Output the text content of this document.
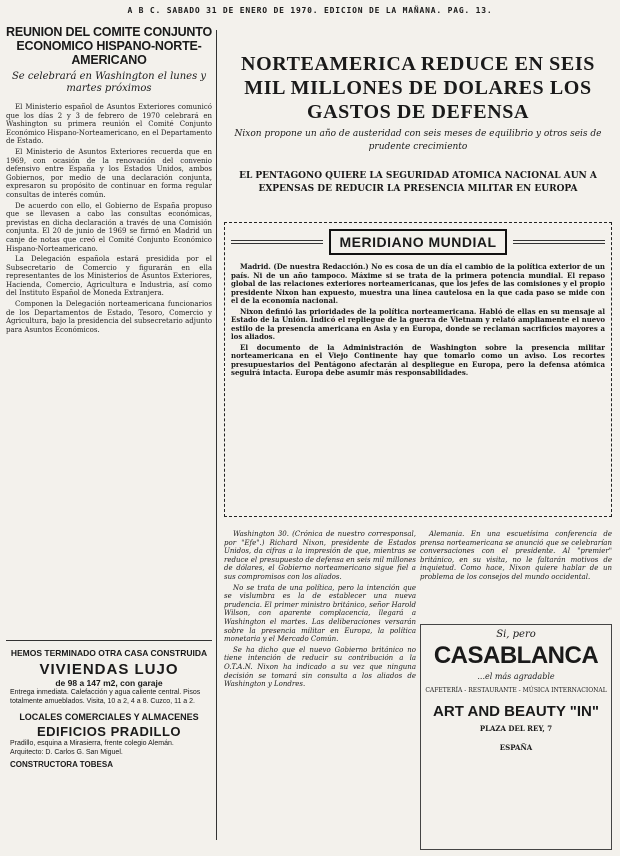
A B C. SABADO 31 DE ENERO DE 1970. EDICION DE LA MAÑANA. PAG. 13.
REUNION DEL COMITE CONJUNTO ECONOMICO HISPANO-NORTE-AMERICANO
Se celebrará en Washington el lunes y martes próximos

El Ministerio español de Asuntos Exteriores comunicó que los días 2 y 3 de febrero de 1970 celebrará en Washington su primera reunión el Comité Conjunto Económico Hispano-Norteamericano, en el Departamento de Estado.

El Ministerio de Asuntos Exteriores recuerda que en 1969, con ocasión de la renovación del convenio defensivo entre España y los Estados Unidos, ambos Gobiernos, por medio de una declaración conjunta, expresaron su propósito de continuar en forma regular consultas de interés común.

De acuerdo con ello, el Gobierno de España propuso que se llevasen a cabo las consultas económicas, previstas en dicha declaración a través de una Comisión conjunta. El 20 de junio de 1969 se firmó en Madrid un canje de notas que creó el Comité Conjunto Económico Hispano-Norteamericano.

La Delegación española estará presidida por el Subsecretario de Comercio y figurarán en ella representantes de los Ministerios de Asuntos Exteriores, Hacienda, Comercio, Agricultura e Industria, así como del Instituto Español de Moneda Extranjera.

Componen la Delegación norteamericana funcionarios de los Departamentos de Estado, Tesoro, Comercio y Agricultura, bajo la presidencia del subsecretario adjunto para Asuntos Económicos.

NORTEAMERICA REDUCE EN SEIS MIL MILLONES DE DOLARES LOS GASTOS DE DEFENSA
Nixon propone un año de austeridad con seis meses de equilibrio y otros seis de prudente crecimiento
EL PENTAGONO QUIERE LA SEGURIDAD ATOMICA NACIONAL AUN A EXPENSAS DE REDUCIR LA PRESENCIA MILITAR EN EUROPA
MERIDIANO MUNDIAL

Madrid. (De nuestra Redacción.) No es cosa de un día el cambio de la política exterior de un país. Ni de un año tampoco. Máxime si se trata de la primera potencia mundial. El repaso global de las relaciones exteriores norteamericanas, que los jefes de las comisiones y el propio presidente Nixon han expuesto, muestra una línea cautelosa en la que cada paso se mide con el de la economía nacional.

Nixon definió las prioridades de la política norteamericana. Habló de ellas en su mensaje al Estado de la Unión. Indicó el repliegue de la guerra de Vietnam y relató ampliamente el nuevo estilo de la presencia americana en Asia y en Europa, donde se reclaman sacrificios mayores a los aliados.

El documento de la Administración de Washington sobre la presencia militar norteamericana en el Viejo Continente hay que tomarlo como un aviso. Los recortes presupuestarios del Pentágono afectarán al despliegue en Europa, pero la defensa atómica seguirá intacta. Europa debe asumir más responsabilidades.

Washington 30. (Crónica de nuestro corresponsal, por "Efe".) Richard Nixon, presidente de Estados Unidos, da cifras a la impresión de que, mientras se reduce el presupuesto de defensa en seis mil millones de dólares, el Gobierno norteamericano sigue fiel a sus compromisos con los aliados.

No se trata de una política, pero la intención que se vislumbra es la de establecer una nueva prudencia. El primer ministro británico, señor Harold Wilson, con aparente complacencia, llegará a Washington el martes. Las deliberaciones versarán sobre la presencia militar en Europa, la política monetaria y el Mercado Común.

Se ha dicho que el nuevo Gobierno británico no tiene intención de reducir su contribución a la O.T.A.N. Nixon ha indicado a su vez que ninguna decisión se tomará sin consulta a los aliados de Washington y Londres.

Alemania. En una escuetísima conferencia de prensa norteamericana se anunció que se celebrarían conversaciones con el presidente. Al "premier" británico, en su visita, no le faltarán motivos de inquietud. Como hace, Nixon quiere hablar de un problema de los consejos del mundo occidental.

HEMOS TERMINADO OTRA CASA CONSTRUIDA
VIVIENDAS LUJO
de 98 a 147 m2, con garaje
Entrega inmediata. Calefacción y agua caliente central. Pisos totalmente amueblados. Visita, 10 a 2, 4 a 8. Cuzco, 11 a 2.
LOCALES COMERCIALES Y ALMACENES
EDIFICIOS PRADILLO
Pradillo, esquina a Mirasierra, frente colegio Alemán. Arquitecto: D. Carlos G. San Miguel.
CONSTRUCTORA TOBESA
Si, pero
CASABLANCA
...el más agradable
CAFETERÍA - RESTAURANTE - MÚSICA INTERNACIONAL
ART AND BEAUTY "IN"
PLAZA DEL REY, 7
ESPAÑA
